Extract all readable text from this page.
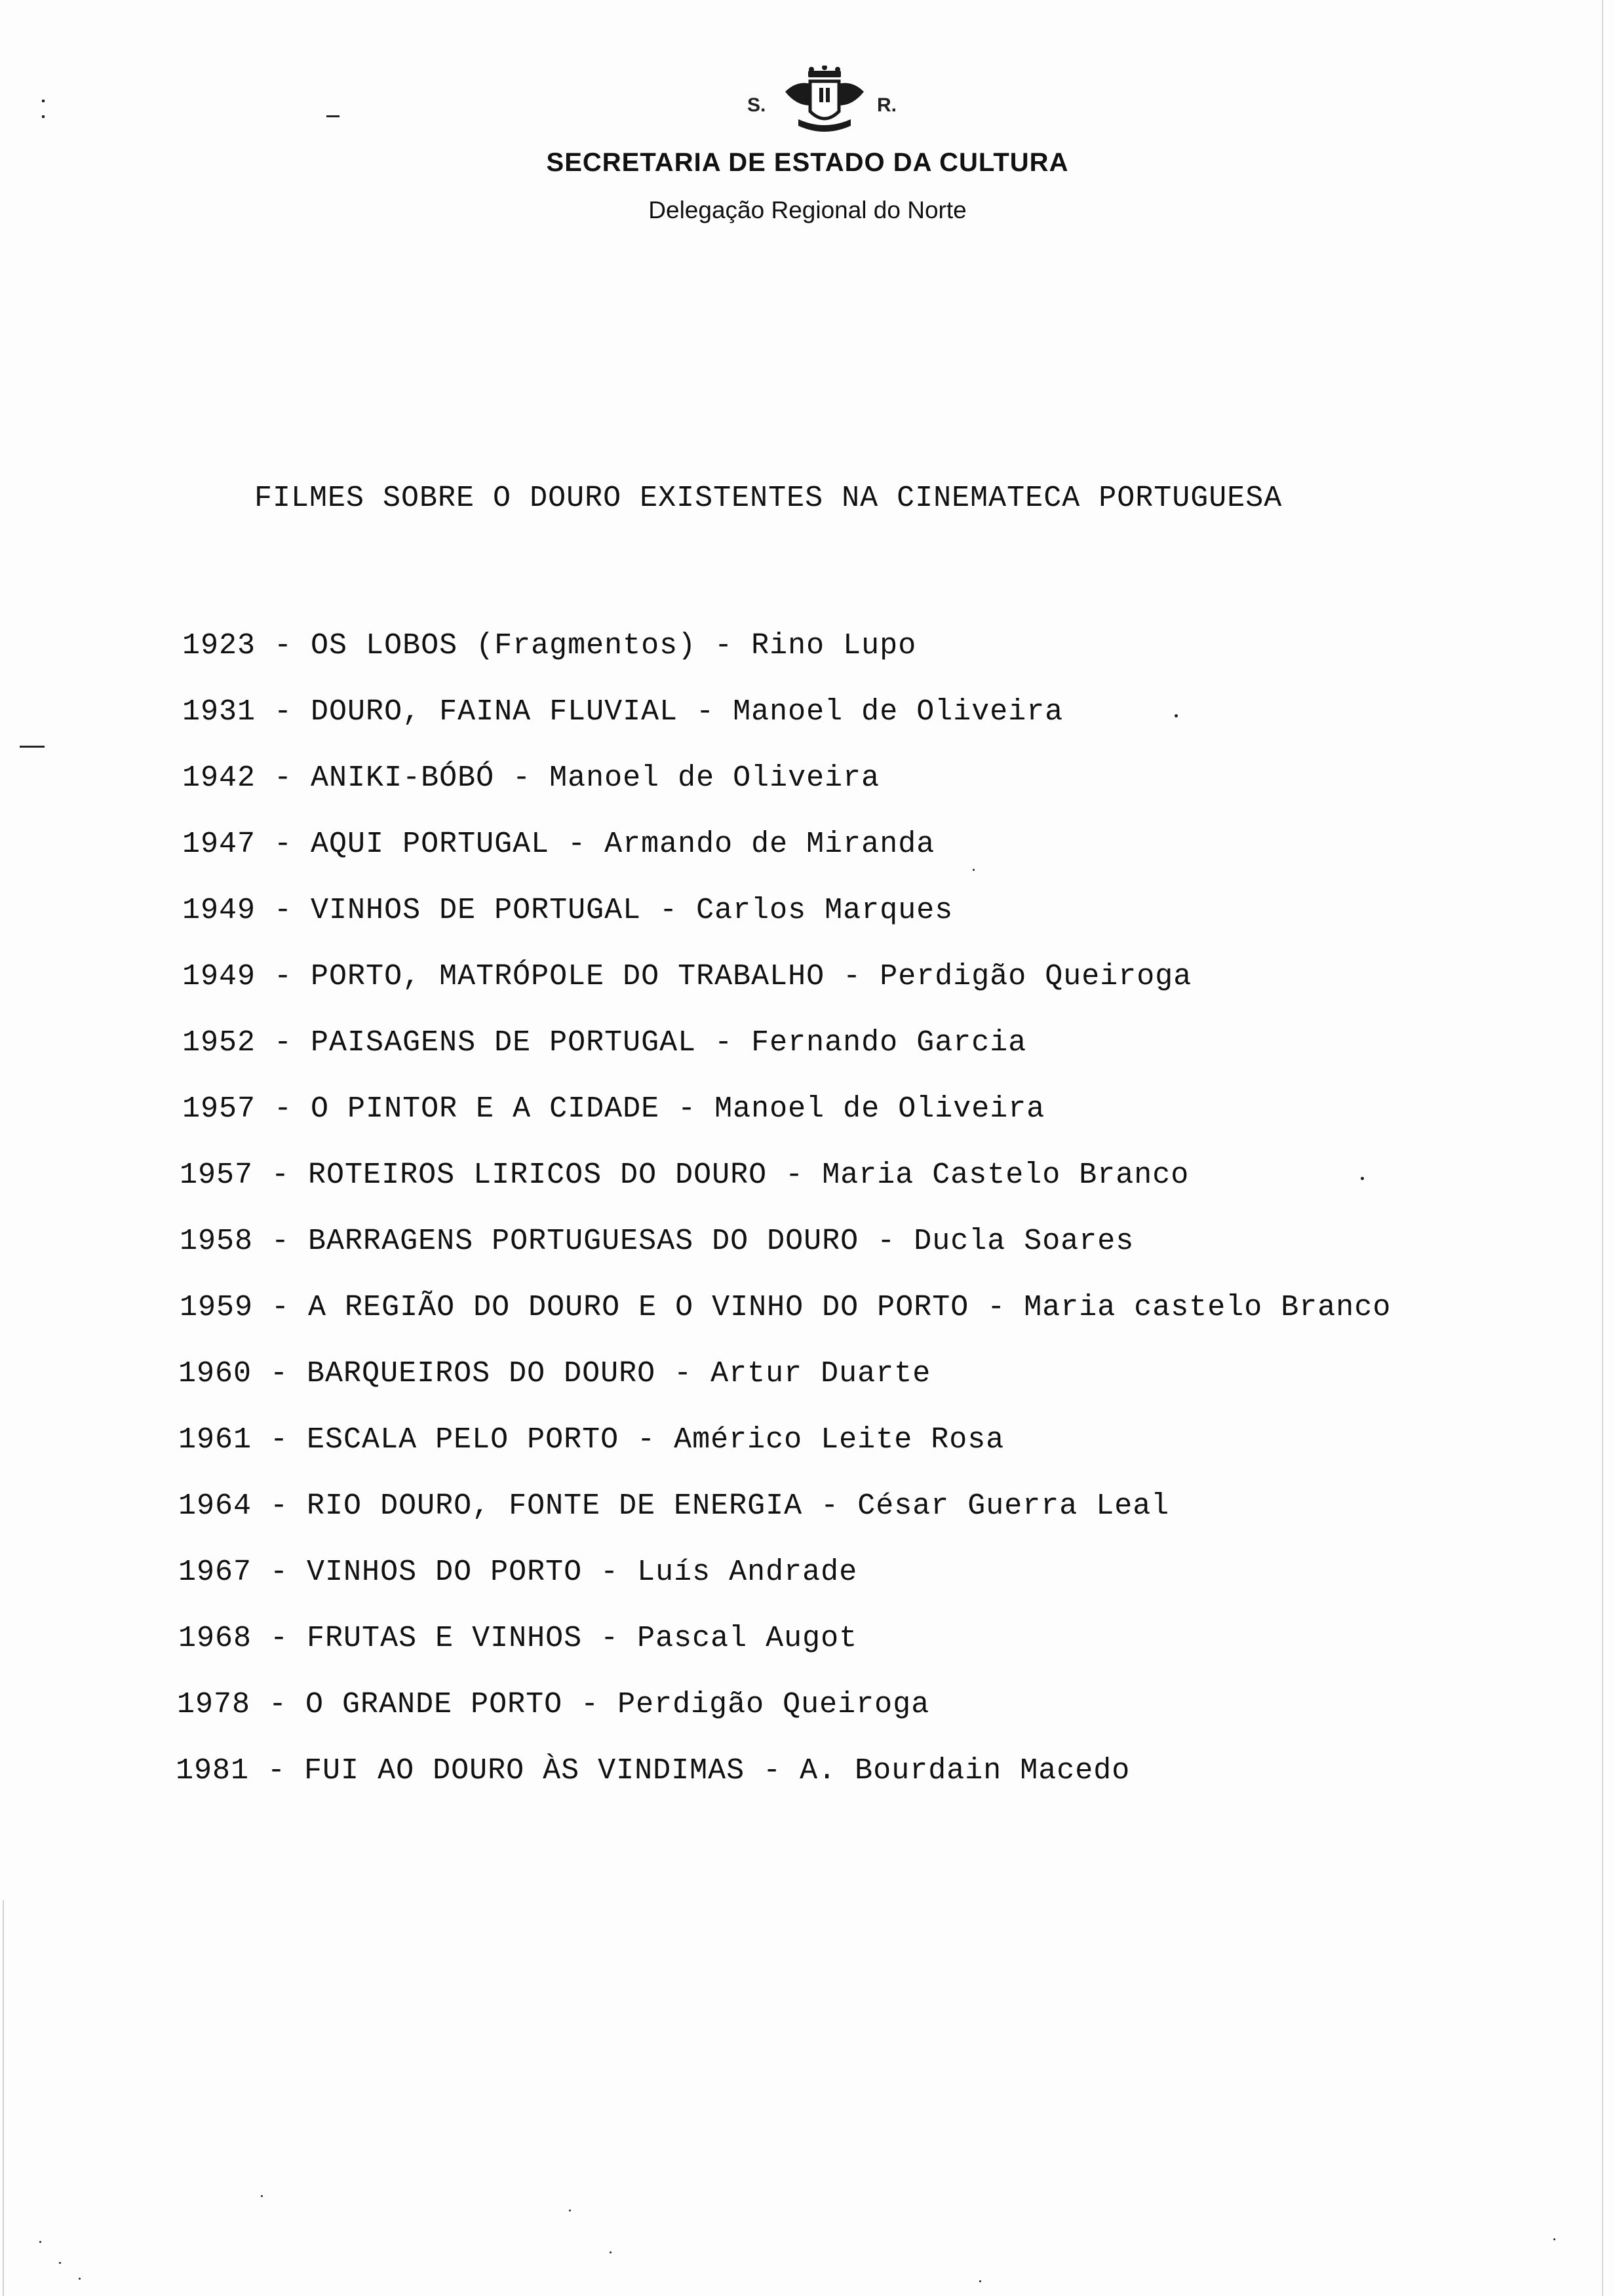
S.	R.
SECRETARIA DE ESTADO DA CULTURA
Delegação Regional do Norte
FILMES SOBRE O DOURO EXISTENTES NA CINEMATECA PORTUGUESA
1923 - OS LOBOS (Fragmentos) - Rino Lupo
1931 - DOURO, FAINA FLUVIAL - Manoel de Oliveira
1942 - ANIKI-BÓBÓ - Manoel de Oliveira
1947 - AQUI PORTUGAL - Armando de Miranda
1949 - VINHOS DE PORTUGAL - Carlos Marques
1949 - PORTO, MATRÓPOLE DO TRABALHO - Perdigão Queiroga
1952 - PAISAGENS DE PORTUGAL - Fernando Garcia
1957 - O PINTOR E A CIDADE - Manoel de Oliveira
1957 - ROTEIROS LIRICOS DO DOURO - Maria Castelo Branco
1958 - BARRAGENS PORTUGUESAS DO DOURO - Ducla Soares
1959 - A REGIÃO DO DOURO E O VINHO DO PORTO - Maria castelo Branco
1960 - BARQUEIROS DO DOURO - Artur Duarte
1961 - ESCALA PELO PORTO - Américo Leite Rosa
1964 - RIO DOURO, FONTE DE ENERGIA - César Guerra Leal
1967 - VINHOS DO PORTO - Luís Andrade
1968 - FRUTAS E VINHOS - Pascal Augot
1978 - O GRANDE PORTO - Perdigão Queiroga
1981 - FUI AO DOURO ÀS VINDIMAS - A. Bourdain Macedo
